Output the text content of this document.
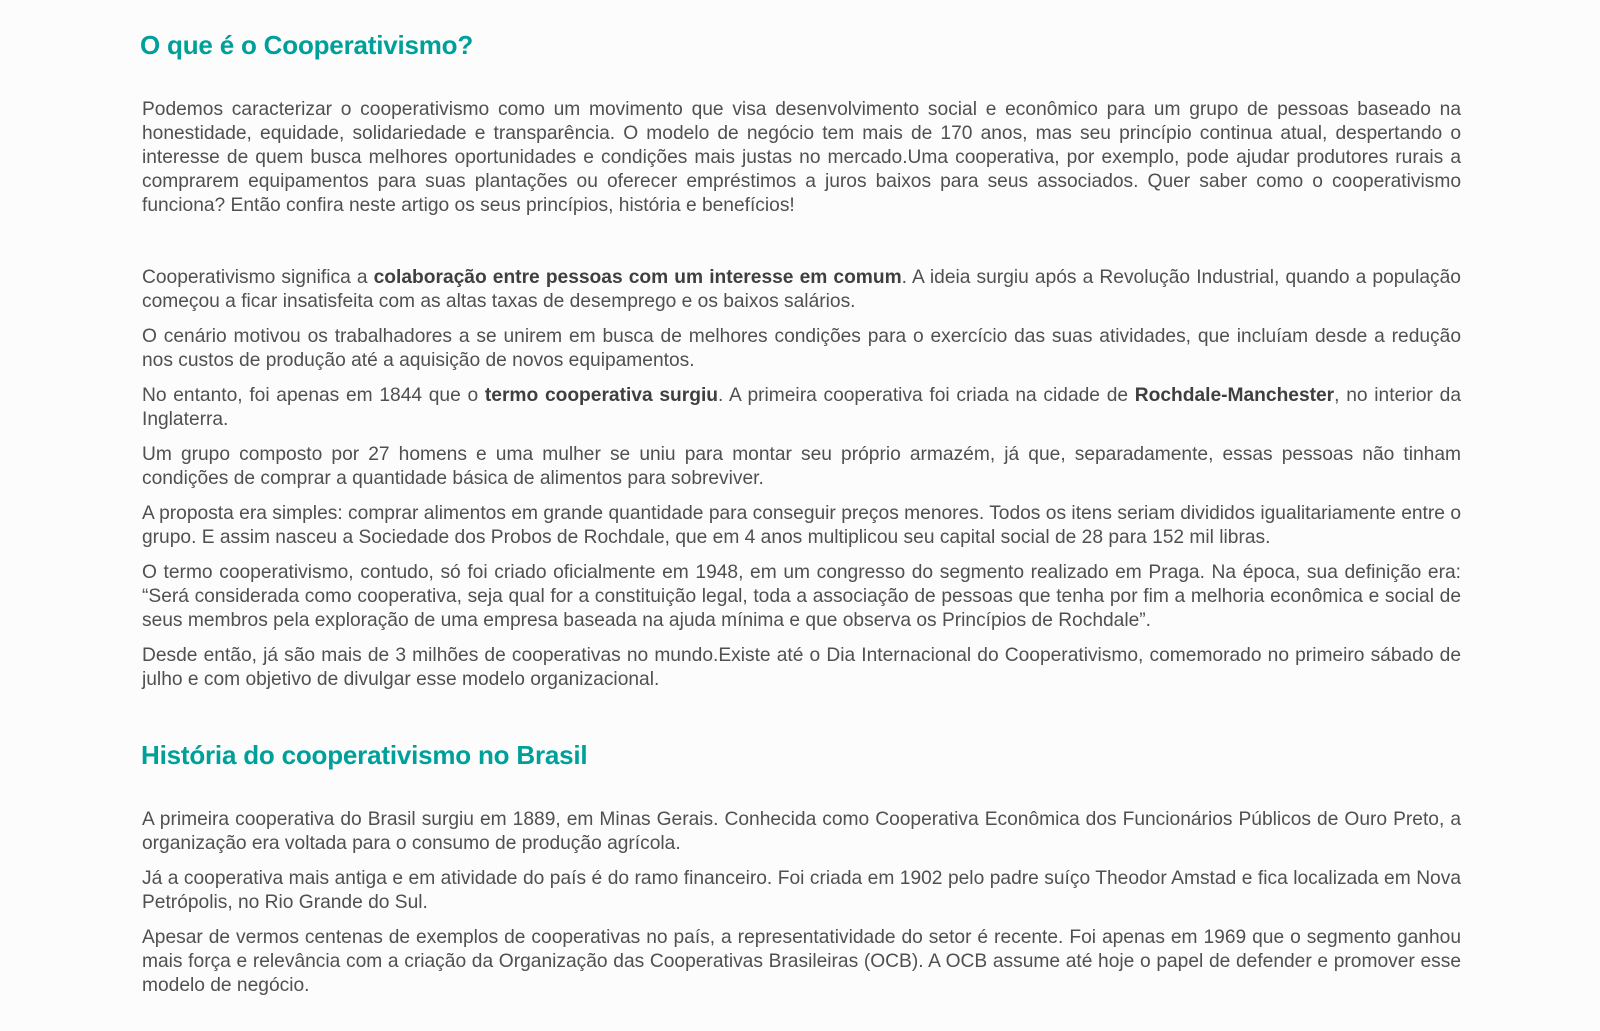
O que é o Cooperativismo?

Podemos caracterizar o cooperativismo como um movimento que visa desenvolvimento social e econômico para um grupo de pessoas baseado na honestidade, equidade, solidariedade e transparência. O modelo de negócio tem mais de 170 anos, mas seu princípio continua atual, despertando o interesse de quem busca melhores oportunidades e condições mais justas no mercado.Uma cooperativa, por exemplo, pode ajudar produtores rurais a comprarem equipamentos para suas plantações ou oferecer empréstimos a juros baixos para seus associados. Quer saber como o cooperativismo funciona? Então confira neste artigo os seus princípios, história e benefícios!

Cooperativismo significa a colaboração entre pessoas com um interesse em comum. A ideia surgiu após a Revolução Industrial, quando a população começou a ficar insatisfeita com as altas taxas de desemprego e os baixos salários.

O cenário motivou os trabalhadores a se unirem em busca de melhores condições para o exercício das suas atividades, que incluíam desde a redução nos custos de produção até a aquisição de novos equipamentos.

No entanto, foi apenas em 1844 que o termo cooperativa surgiu. A primeira cooperativa foi criada na cidade de Rochdale-Manchester, no interior da Inglaterra.

Um grupo composto por 27 homens e uma mulher se uniu para montar seu próprio armazém, já que, separadamente, essas pessoas não tinham condições de comprar a quantidade básica de alimentos para sobreviver.

A proposta era simples: comprar alimentos em grande quantidade para conseguir preços menores. Todos os itens seriam divididos igualitariamente entre o grupo. E assim nasceu a Sociedade dos Probos de Rochdale, que em 4 anos multiplicou seu capital social de 28 para 152 mil libras.

O termo cooperativismo, contudo, só foi criado oficialmente em 1948, em um congresso do segmento realizado em Praga. Na época, sua definição era: “Será considerada como cooperativa, seja qual for a constituição legal, toda a associação de pessoas que tenha por fim a melhoria econômica e social de seus membros pela exploração de uma empresa baseada na ajuda mínima e que observa os Princípios de Rochdale”.

Desde então, já são mais de 3 milhões de cooperativas no mundo.Existe até o Dia Internacional do Cooperativismo, comemorado no primeiro sábado de julho e com objetivo de divulgar esse modelo organizacional.

História do cooperativismo no Brasil

A primeira cooperativa do Brasil surgiu em 1889, em Minas Gerais. Conhecida como Cooperativa Econômica dos Funcionários Públicos de Ouro Preto, a organização era voltada para o consumo de produção agrícola.

Já a cooperativa mais antiga e em atividade do país é do ramo financeiro. Foi criada em 1902 pelo padre suíço Theodor Amstad e fica localizada em Nova Petrópolis, no Rio Grande do Sul.

Apesar de vermos centenas de exemplos de cooperativas no país, a representatividade do setor é recente. Foi apenas em 1969 que o segmento ganhou mais força e relevância com a criação da Organização das Cooperativas Brasileiras (OCB). A OCB assume até hoje o papel de defender e promover esse modelo de negócio.
